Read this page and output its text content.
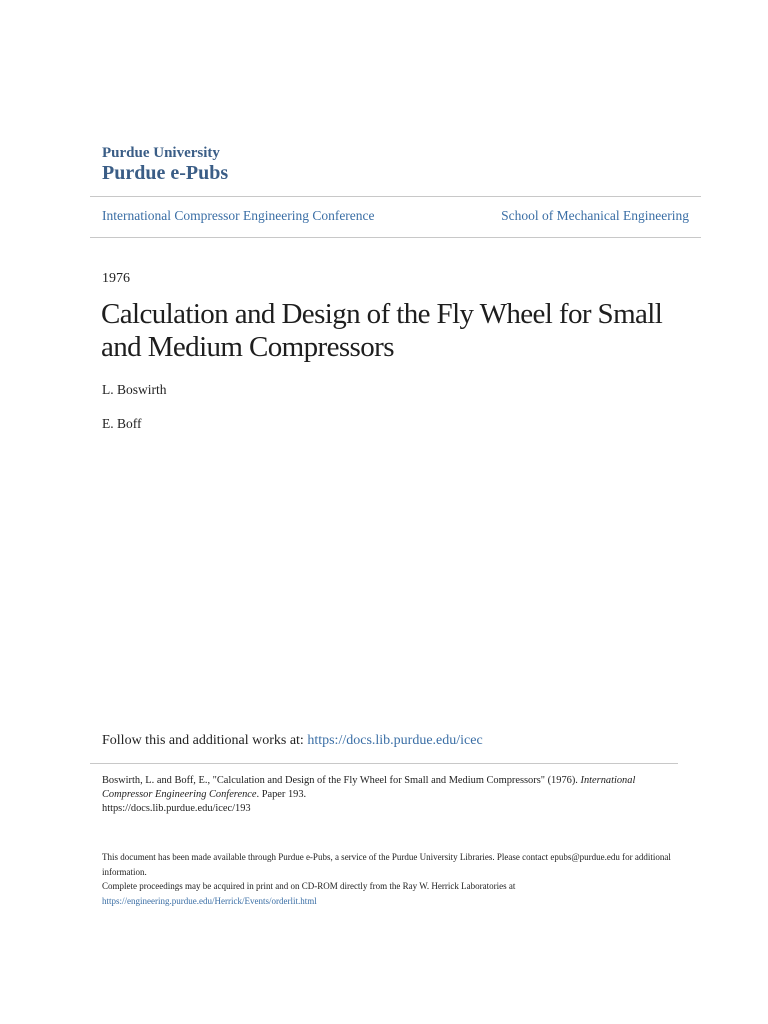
Purdue University
Purdue e-Pubs
International Compressor Engineering Conference	School of Mechanical Engineering
1976
Calculation and Design of the Fly Wheel for Small and Medium Compressors
L. Boswirth
E. Boff
Follow this and additional works at: https://docs.lib.purdue.edu/icec
Boswirth, L. and Boff, E., "Calculation and Design of the Fly Wheel for Small and Medium Compressors" (1976). International Compressor Engineering Conference. Paper 193.
https://docs.lib.purdue.edu/icec/193
This document has been made available through Purdue e-Pubs, a service of the Purdue University Libraries. Please contact epubs@purdue.edu for additional information.
Complete proceedings may be acquired in print and on CD-ROM directly from the Ray W. Herrick Laboratories at https://engineering.purdue.edu/Herrick/Events/orderlit.html
